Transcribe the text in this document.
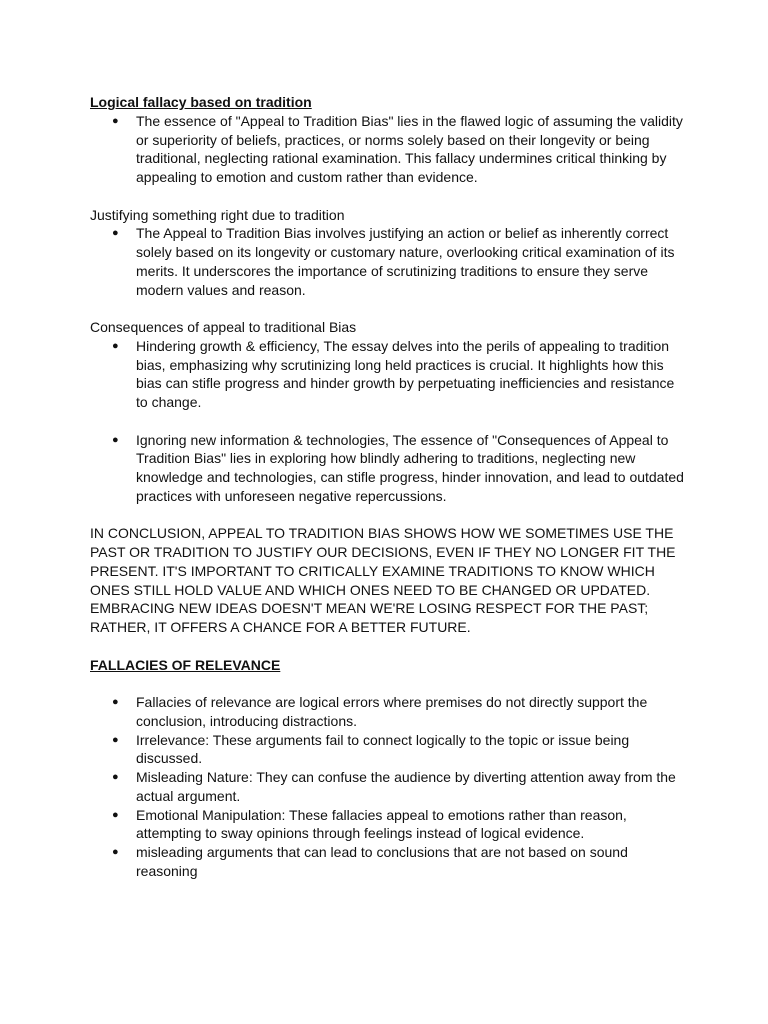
Logical fallacy based on tradition

● The essence of "Appeal to Tradition Bias" lies in the flawed logic of assuming the validity or superiority of beliefs, practices, or norms solely based on their longevity or being traditional, neglecting rational examination. This fallacy undermines critical thinking by appealing to emotion and custom rather than evidence.

Justifying something right due to tradition

● The Appeal to Tradition Bias involves justifying an action or belief as inherently correct solely based on its longevity or customary nature, overlooking critical examination of its merits. It underscores the importance of scrutinizing traditions to ensure they serve modern values and reason.

Consequences of appeal to traditional Bias

● Hindering growth & efficiency, The essay delves into the perils of appealing to tradition bias, emphasizing why scrutinizing long held practices is crucial. It highlights how this bias can stifle progress and hinder growth by perpetuating inefficiencies and resistance to change.
● Ignoring new information & technologies, The essence of "Consequences of Appeal to Tradition Bias" lies in exploring how blindly adhering to traditions, neglecting new knowledge and technologies, can stifle progress, hinder innovation, and lead to outdated practices with unforeseen negative repercussions.

IN CONCLUSION, APPEAL TO TRADITION BIAS SHOWS HOW WE SOMETIMES USE THE PAST OR TRADITION TO JUSTIFY OUR DECISIONS, EVEN IF THEY NO LONGER FIT THE PRESENT. IT'S IMPORTANT TO CRITICALLY EXAMINE TRADITIONS TO KNOW WHICH ONES STILL HOLD VALUE AND WHICH ONES NEED TO BE CHANGED OR UPDATED. EMBRACING NEW IDEAS DOESN'T MEAN WE'RE LOSING RESPECT FOR THE PAST; RATHER, IT OFFERS A CHANCE FOR A BETTER FUTURE.

FALLACIES OF RELEVANCE

● Fallacies of relevance are logical errors where premises do not directly support the conclusion, introducing distractions.
● Irrelevance: These arguments fail to connect logically to the topic or issue being discussed.
● Misleading Nature: They can confuse the audience by diverting attention away from the actual argument.
● Emotional Manipulation: These fallacies appeal to emotions rather than reason, attempting to sway opinions through feelings instead of logical evidence.
● misleading arguments that can lead to conclusions that are not based on sound reasoning
